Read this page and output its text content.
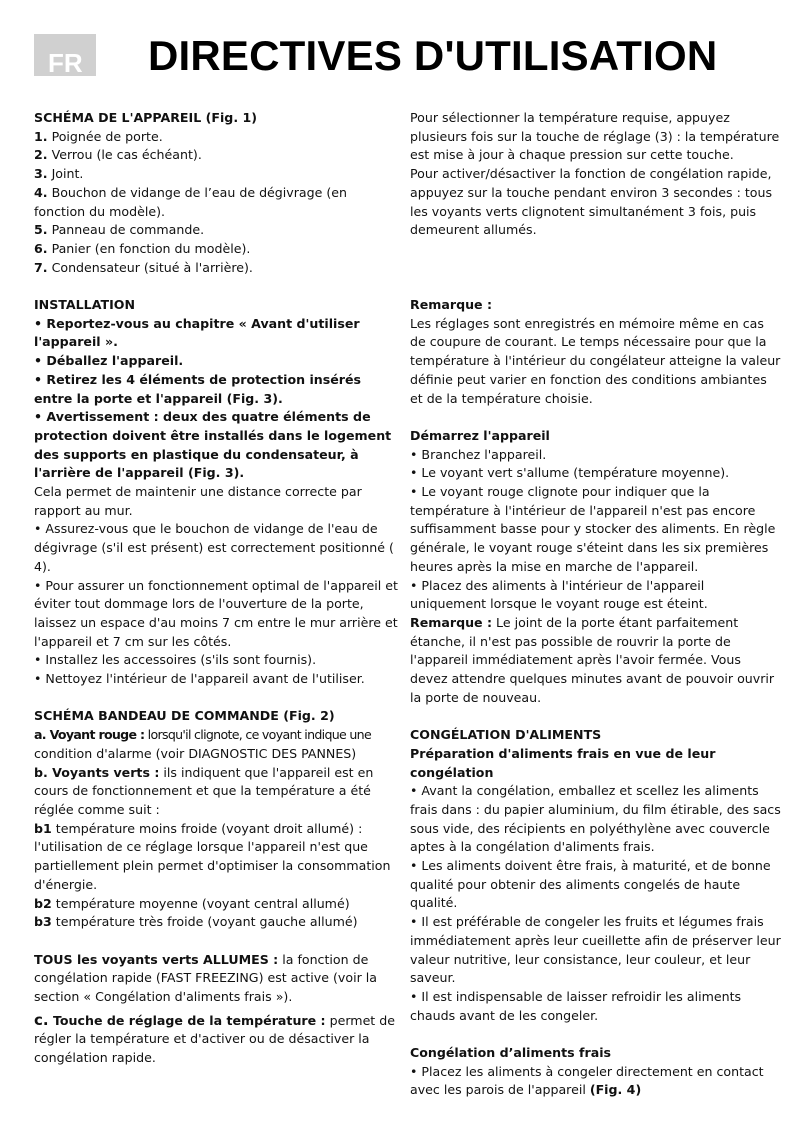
FR DIRECTIVES D'UTILISATION

SCHÉMA DE L'APPAREIL (Fig. 1)

1. Poignée de porte.

2. Verrou (le cas échéant).

3. Joint.

4. Bouchon de vidange de l’eau de dégivrage (en fonction du modèle).

5. Panneau de commande.

6. Panier (en fonction du modèle).

7. Condensateur (situé à l'arrière).

INSTALLATION

• Reportez-vous au chapitre « Avant d'utiliser l'appareil ».

• Déballez l'appareil.

• Retirez les 4 éléments de protection insérés entre la porte et l'appareil (Fig. 3).

• Avertissement : deux des quatre éléments de protection doivent être installés dans le logement des supports en plastique du condensateur, à l'arrière de l'appareil (Fig. 3).

Cela permet de maintenir une distance correcte par rapport au mur.

• Assurez-vous que le bouchon de vidange de l'eau de dégivrage (s'il est présent) est correctement positionné ( 4).

• Pour assurer un fonctionnement optimal de l'appareil et éviter tout dommage lors de l'ouverture de la porte, laissez un espace d'au moins 7 cm entre le mur arrière et l'appareil et 7 cm sur les côtés.

• Installez les accessoires (s'ils sont fournis).

• Nettoyez l'intérieur de l'appareil avant de l'utiliser.

SCHÉMA BANDEAU DE COMMANDE (Fig. 2)

a. Voyant rouge : lorsqu'il clignote, ce voyant indique une

condition d'alarme (voir DIAGNOSTIC DES PANNES)

b. Voyants verts : ils indiquent que l'appareil est en cours de fonctionnement et que la température a été réglée comme suit :

b1 température moins froide (voyant droit allumé) : l'utilisation de ce réglage lorsque l'appareil n'est que partiellement plein permet d'optimiser la consommation d'énergie.

b2 température moyenne (voyant central allumé)

b3 température très froide (voyant gauche allumé)

TOUS les voyants verts ALLUMES : la fonction de congélation rapide (FAST FREEZING) est active (voir la section « Congélation d'aliments frais »).

c. Touche de réglage de la température : permet de régler la température et d'activer ou de désactiver la congélation rapide.

Pour sélectionner la température requise, appuyez plusieurs fois sur la touche de réglage (3) : la température est mise à jour à chaque pression sur cette touche.

Pour activer/désactiver la fonction de congélation rapide, appuyez sur la touche pendant environ 3 secondes : tous les voyants verts clignotent simultanément 3 fois, puis demeurent allumés.

Remarque :

Les réglages sont enregistrés en mémoire même en cas de coupure de courant. Le temps nécessaire pour que la température à l'intérieur du congélateur atteigne la valeur définie peut varier en fonction des conditions ambiantes et de la température choisie.

Démarrez l'appareil

• Branchez l'appareil.

• Le voyant vert s'allume (température moyenne).

• Le voyant rouge clignote pour indiquer que la température à l'intérieur de l'appareil n'est pas encore suffisamment basse pour y stocker des aliments. En règle générale, le voyant rouge s'éteint dans les six premières heures après la mise en marche de l'appareil.

• Placez des aliments à l'intérieur de l'appareil uniquement lorsque le voyant rouge est éteint.

Remarque : Le joint de la porte étant parfaitement étanche, il n'est pas possible de rouvrir la porte de l'appareil immédiatement après l'avoir fermée. Vous devez attendre quelques minutes avant de pouvoir ouvrir la porte de nouveau.

CONGÉLATION D'ALIMENTS

Préparation d'aliments frais en vue de leur congélation

• Avant la congélation, emballez et scellez les aliments frais dans : du papier aluminium, du film étirable, des sacs sous vide, des récipients en polyéthylène avec couvercle aptes à la congélation d'aliments frais.

• Les aliments doivent être frais, à maturité, et de bonne qualité pour obtenir des aliments congelés de haute qualité.

• Il est préférable de congeler les fruits et légumes frais immédiatement après leur cueillette afin de préserver leur valeur nutritive, leur consistance, leur couleur, et leur saveur.

• Il est indispensable de laisser refroidir les aliments chauds avant de les congeler.

Congélation d’aliments frais

• Placez les aliments à congeler directement en contact avec les parois de l'appareil (Fig. 4)
